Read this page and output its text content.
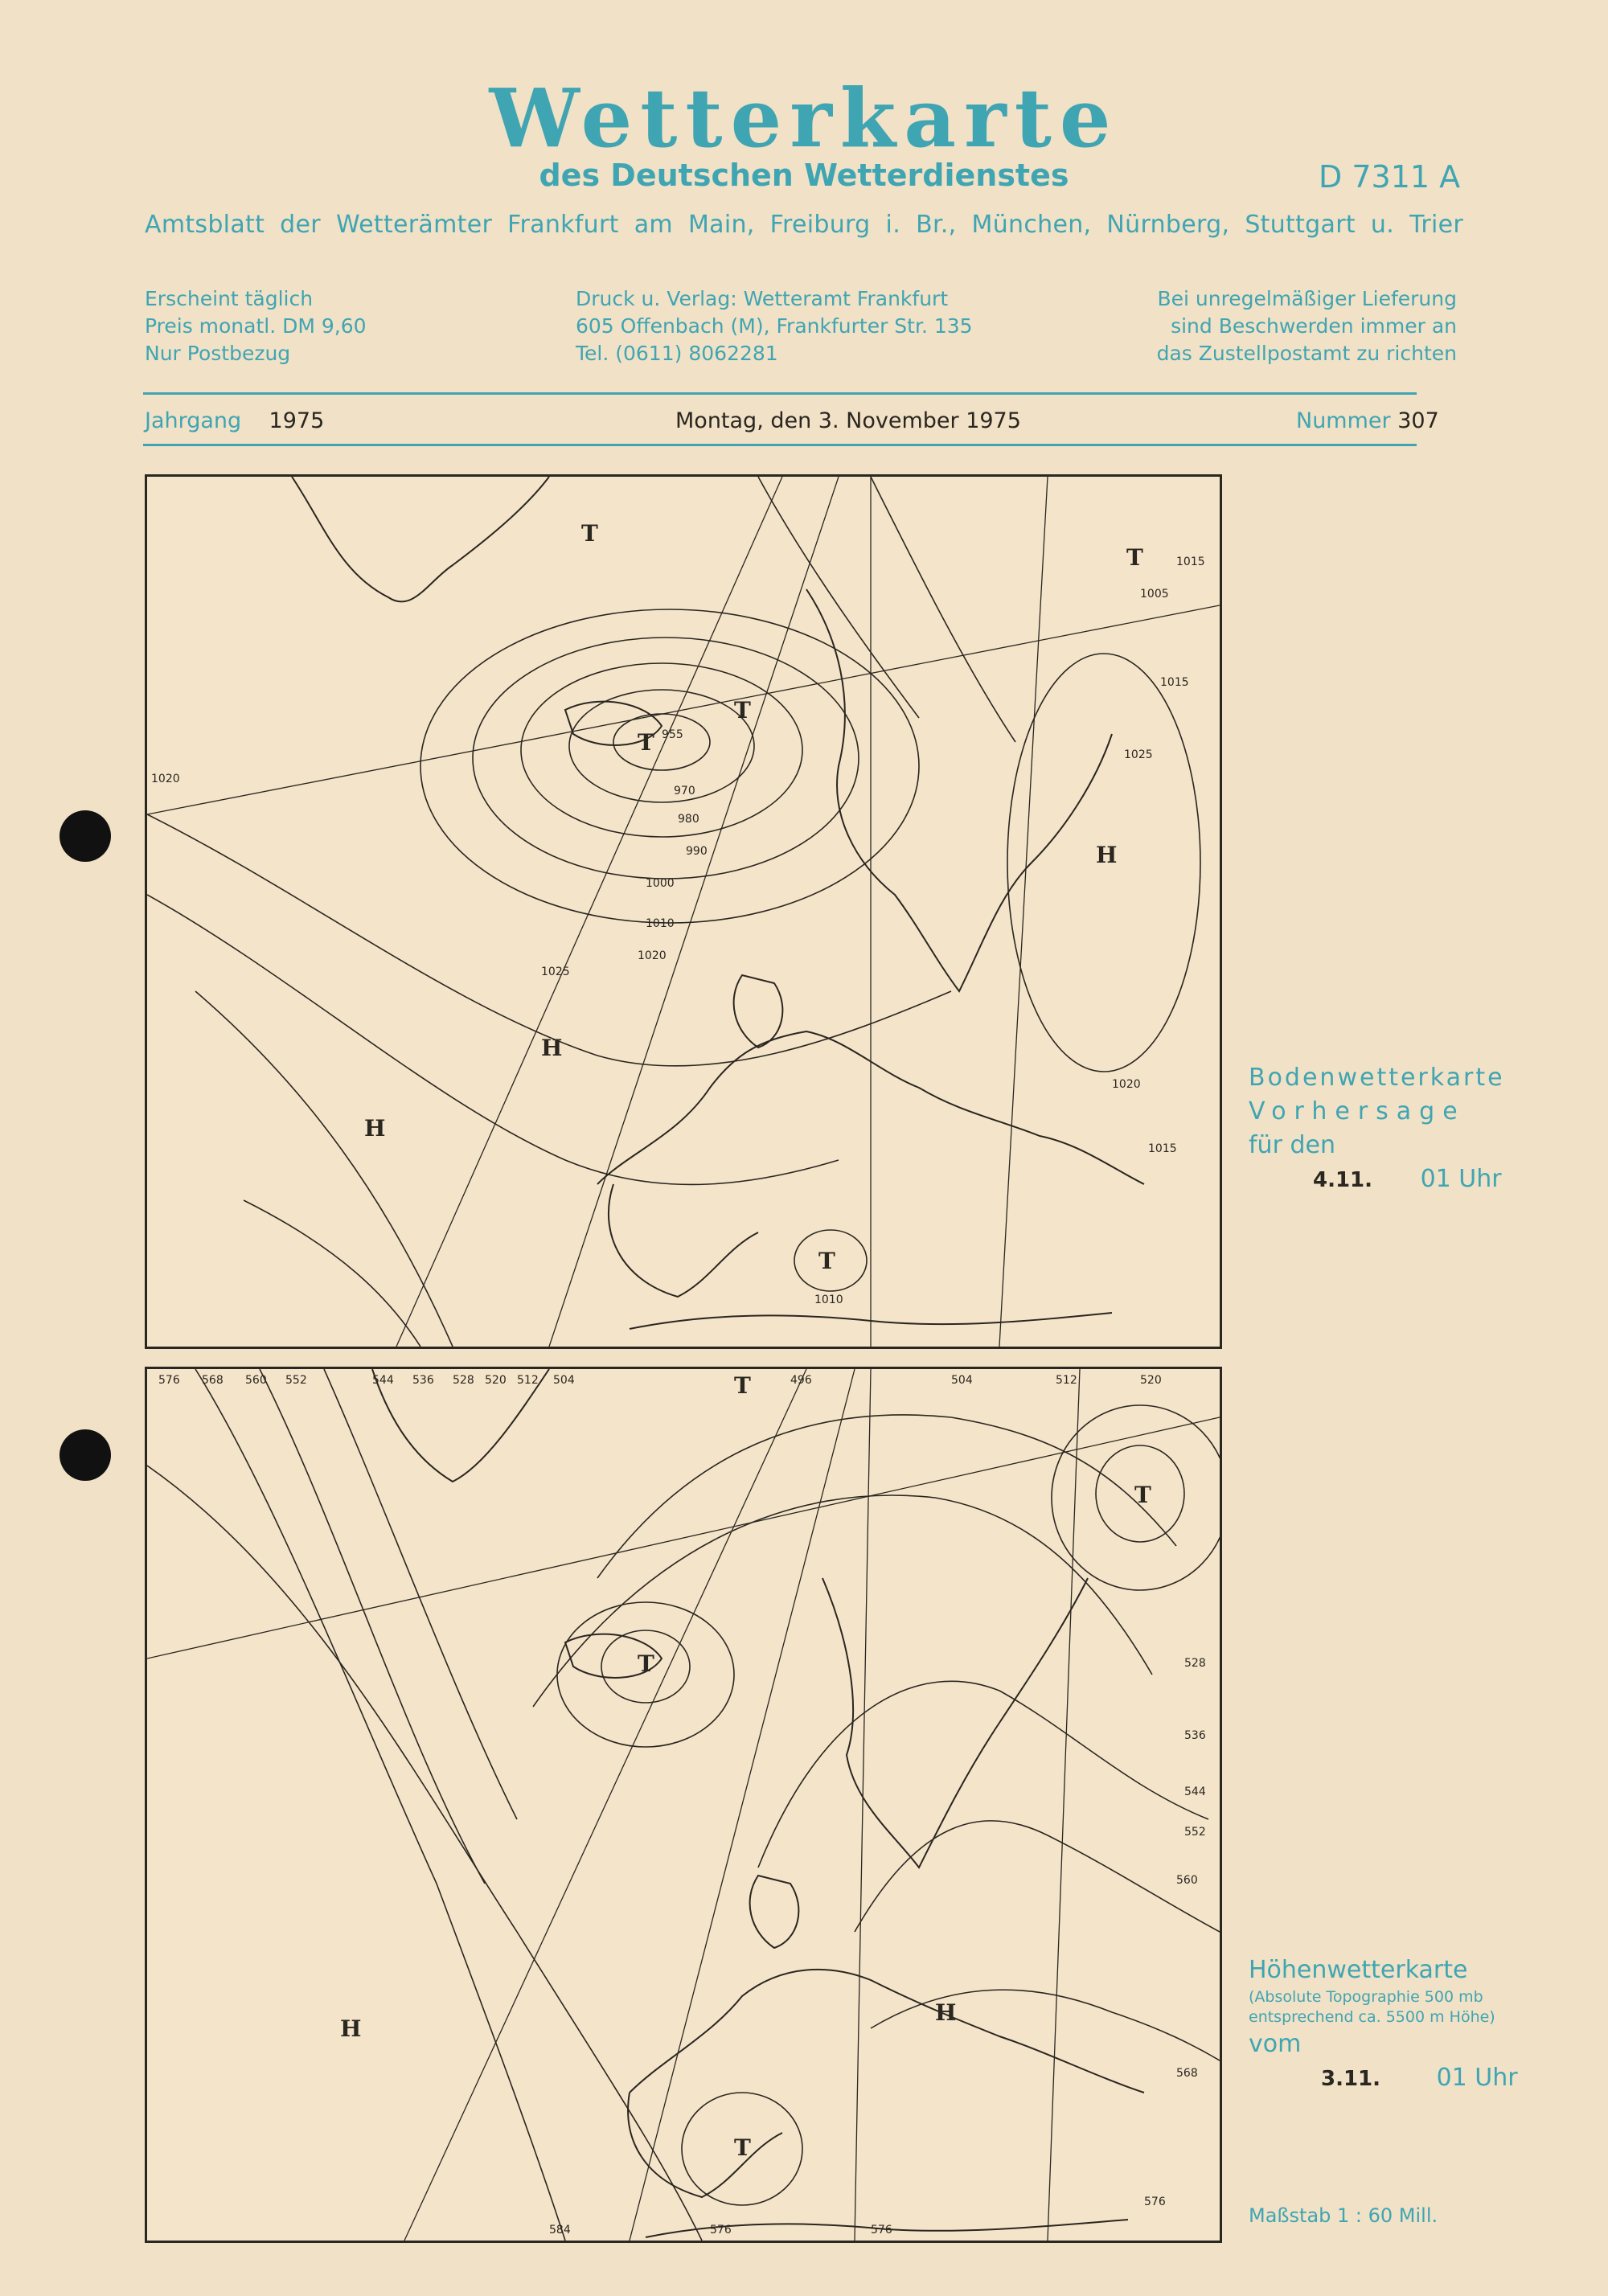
Wetterkarte
des Deutschen Wetterdienstes	D 7311 A
Amtsblatt der Wetterämter Frankfurt am Main, Freiburg i. Br., München, Nürnberg, Stuttgart u. Trier
Erscheint täglich
Preis monatl. DM 9,60
Nur Postbezug
Druck u. Verlag: Wetteramt Frankfurt
605 Offenbach (M), Frankfurter Str. 135
Tel. (0611) 8062281
Bei unregelmäßiger Lieferung
sind Beschwerden immer an
das Zustellpostamt zu richten
Jahrgang 1975	Montag, den 3. November 1975	Nummer 307
T
T
T
T
H
H
H
T
955
970
980
990
1000
1010
1020
1025
1015
1005
1010
1015
1020
1025
1020
1015
Bodenwetterkarte
Vorhersage
für den
4.11. 01 Uhr
T
T
T
H
H
T
576 568 560 552	544 536 528 520 512 504	496	504	512	520
528
536
544
552
560
568
576
584	576	576
Höhenwetterkarte
(Absolute Topographie 500 mb
entsprechend ca. 5500 m Höhe)
vom
3.11. 01 Uhr
Maßstab 1 : 60 Mill.
